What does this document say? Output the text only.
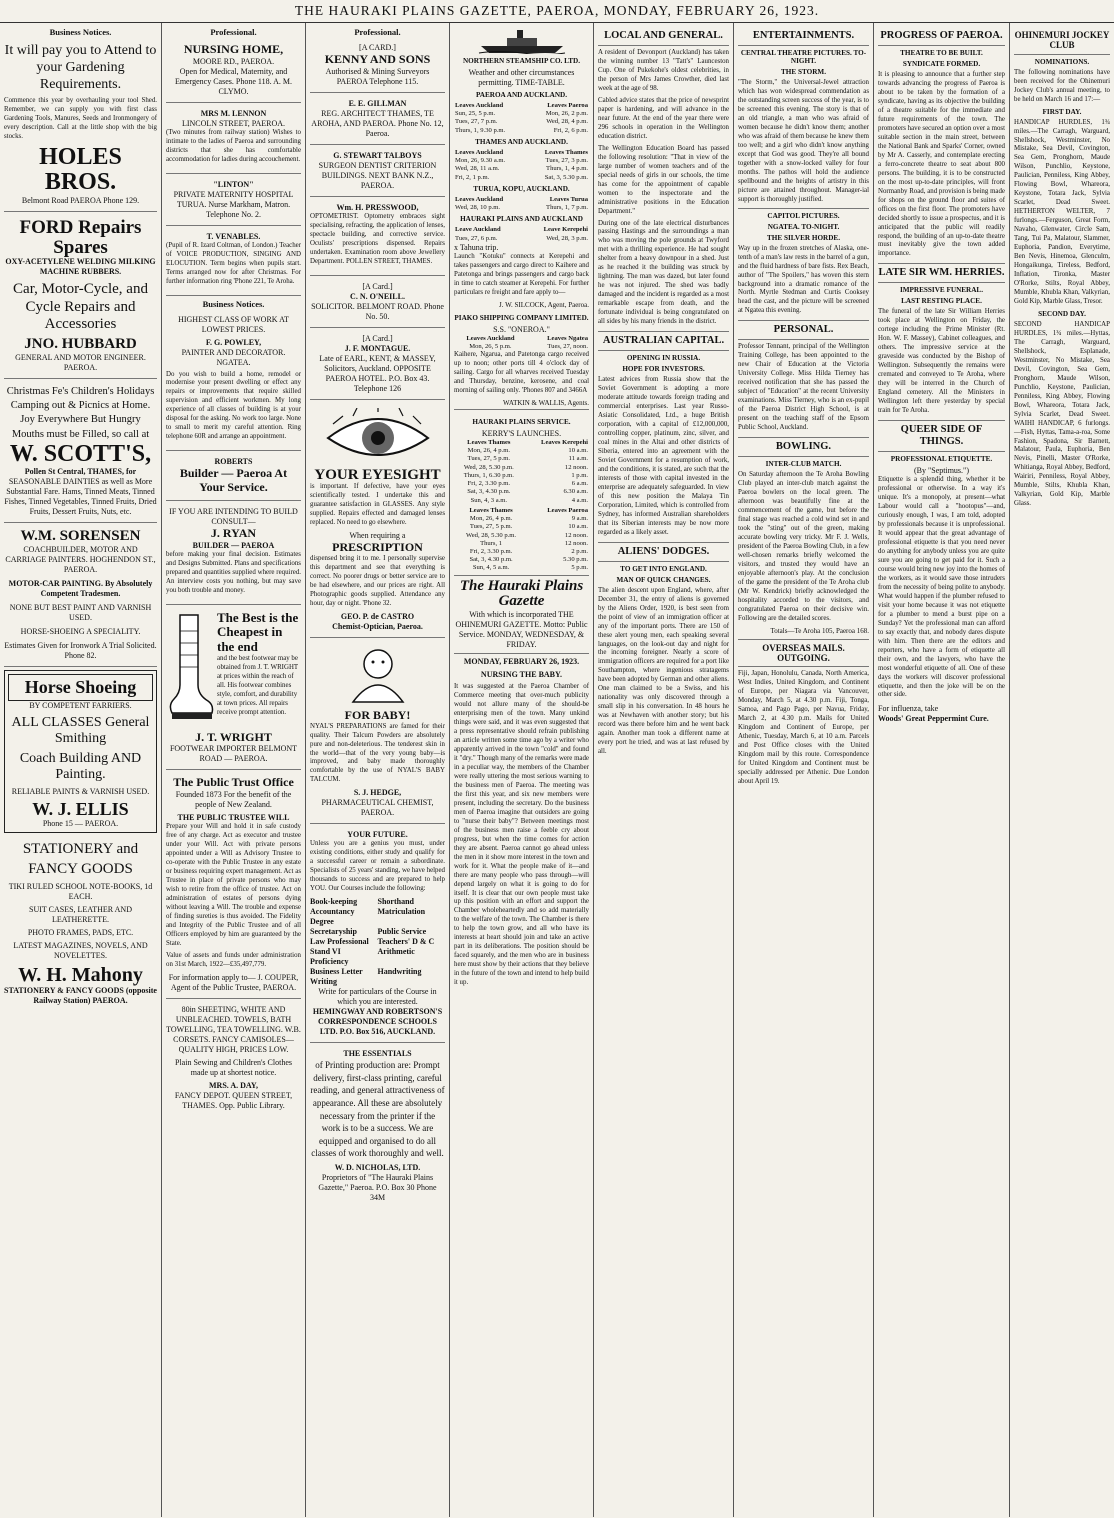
THE HAURAKI PLAINS GAZETTE, PAEROA, MONDAY, FEBRUARY 26, 1923.
Business Notices.
It will pay you to Attend to your Gardening Requirements.

Commence this year by overhauling your tool Shed. Remember, we can supply you with first class Gardening Tools, Manures, Seeds and Ironmongery of every description. Call at the little shop with the big stocks.

HOLES BROS.
Belmont Road PAEROA Phone 129.
FORD Repairs Spares
OXY-ACETYLENE WELDING MILKING MACHINE RUBBERS.
Car, Motor-Cycle, and Cycle Repairs and Accessories
JNO. HUBBARD
GENERAL AND MOTOR ENGINEER. PAEROA.
Christmas Fe's Children's Holidays Camping out & Picnics at Home. Joy Everywhere But Hungry Mouths must be Filled, so call at
W. SCOTT'S,
Pollen St Central, THAMES, for
SEASONABLE DAINTIES as well as More Substantial Fare. Hams, Tinned Meats, Tinned Fishes, Tinned Vegetables, Tinned Fruits, Dried Fruits, Dessert Fruits, Nuts, etc.
W.M. SORENSEN
COACHBUILDER, MOTOR AND CARRIAGE PAINTERS. HOGHENDON ST., PAEROA.
MOTOR-CAR PAINTING. By Absolutely Competent Tradesmen.
NONE BUT BEST PAINT AND VARNISH USED.
HORSE-SHOEING A SPECIALITY.
Estimates Given for Ironwork A Trial Solicited. Phone 82.
Horse Shoeing
BY COMPETENT FARRIERS.
ALL CLASSES General Smithing
Coach Building AND Painting.
RELIABLE PAINTS & VARNISH USED.
W. J. ELLIS
Phone 15 — PAEROA.
STATIONERY and FANCY GOODS
TIKI RULED SCHOOL NOTE-BOOKS, 1d EACH.
SUIT CASES, LEATHER AND LEATHERETTE.
PHOTO FRAMES, PADS, ETC.
LATEST MAGAZINES, NOVELS, AND NOVELETTES.
W. H. Mahony
STATIONERY & FANCY GOODS (opposite Railway Station) PAEROA.
Professional.
NURSING HOME,
MOORE RD., PAEROA.
Open for Medical, Maternity, and Emergency Cases. Phone 118. A. M. CLYMO.
MRS M. LENNON
LINCOLN STREET, PAEROA.

(Two minutes from railway station) Wishes to intimate to the ladies of Paeroa and surrounding districts that she has comfortable accommodation for ladies during accouchement.

"LINTON"
PRIVATE MATERNITY HOSPITAL TURUA. Nurse Markham, Matron. Telephone No. 2.
T. VENABLES.

(Pupil of R. Izard Coltman, of London.) Teacher of VOICE PRODUCTION, SINGING AND ELOCUTION. Term begins when pupils start. Terms arranged now for after Christmas. For further information ring 'Phone 221, Te Aroha.

Business Notices.
HIGHEST CLASS OF WORK AT LOWEST PRICES.
F. G. POWLEY,
PAINTER AND DECORATOR. NGATEA.

Do you wish to build a home, remodel or modernise your present dwelling or effect any repairs or improvements that require skilled supervision and efficient workmen. My long experience of all classes of building is at your disposal for the asking. No work too large. None to small to merit my careful attention. Ring telephone 60R and arrange an appointment.

ROBERTS
Builder — Paeroa At Your Service.
IF YOU ARE INTENDING TO BUILD CONSULT—
J. RYAN
BUILDER — PAEROA

before making your final decision. Estimates and Designs Submitted. Plans and specifications prepared and quantities supplied where required. An interview costs you nothing, but may save you both trouble and money.

The Best is the Cheapest in the end

and the best footwear may be obtained from J. T. WRIGHT at prices within the reach of all. His footwear combines style, comfort, and durability at town prices. All repairs receive prompt attention.

J. T. WRIGHT
FOOTWEAR IMPORTER BELMONT ROAD — PAEROA.
The Public Trust Office
Founded 1873 For the benefit of the people of New Zealand.
THE PUBLIC TRUSTEE WILL

Prepare your Will and hold it in safe custody free of any charge. Act as executor and trustee under your Will. Act with private persons appointed under a Will as Advisory Trustee to co-operate with the Public Trustee in any estate or business requiring expert management. Act as Trustee in place of private persons who may wish to retire from the office of trustee. Act on administration of estates of persons dying without leaving a Will. The trouble and expense of finding sureties is thus avoided. The Fidelity and Integrity of the Public Trustee and of all Officers employed by him are guaranteed by the State.

Value of assets and funds under administration on 31st March, 1922—£35,497,779.

For information apply to— J. COUPER, Agent of the Public Trustee, PAEROA.
80in SHEETING, WHITE AND UNBLEACHED. TOWELS, BATH TOWELLING, TEA TOWELLING. W.B. CORSETS. FANCY CAMISOLES—QUALITY HIGH, PRICES LOW.
Plain Sewing and Children's Clothes made up at shortest notice.
MRS. A. DAY,
FANCY DEPOT. QUEEN STREET, THAMES. Opp. Public Library.
Professional.
[A CARD.]
KENNY AND SONS
Authorised & Mining Surveyors PAEROA Telephone 115.
E. E. GILLMAN
REG. ARCHITECT THAMES, TE AROHA, AND PAEROA. Phone No. 12, Paeroa.
G. STEWART TALBOYS
SURGEON DENTIST CRITERION BUILDINGS. NEXT BANK N.Z., PAEROA.
Wm. H. PRESSWOOD,

OPTOMETRIST. Optometry embraces sight specialising, refracting, the application of lenses, spectacle building, and corrective service. Oculists' prescriptions dispensed. Repairs undertaken. Examination room above Jewellery Department. POLLEN STREET, THAMES.

[A Card.]
C. N. O'NEILL.
SOLICITOR. BELMONT ROAD. Phone No. 50.
[A Card.]
J. F. MONTAGUE.
Late of EARL, KENT, & MASSEY, Solicitors, Auckland. OPPOSITE PAEROA HOTEL. P.O. Box 43. Telephone 126
YOUR EYESIGHT

is important. If defective, have your eyes scientifically tested. I undertake this and guarantee satisfaction in GLASSES. Any style supplied. Repairs effected and damaged lenses replaced. No need to go elsewhere.

When requiring a
PRESCRIPTION

dispensed bring it to me. I personally supervise this department and see that everything is correct. No poorer drugs or better service are to be had elsewhere, and our prices are right. All Photographic goods supplied. Attendance any hour, day or night. 'Phone 32.

GEO. P. de CASTRO
Chemist-Optician, Paeroa.
FOR BABY!

NYAL'S PREPARATIONS are famed for their quality. Their Talcum Powders are absolutely pure and non-deleterious. The tenderest skin in the world—that of the very young baby—is improved, and baby made thoroughly comfortable by the use of NYAL'S BABY TALCUM.

S. J. HEDGE,
PHARMACEUTICAL CHEMIST, PAEROA.
YOUR FUTURE.

Unless you are a genius you must, under existing conditions, either study and qualify for a successful career or remain a subordinate. Specialists of 25 years' standing, we have helped thousands to success and are prepared to help YOU. Our Courses include the following:

Book-keeping	Shorthand
Accountancy Degree
Matriculation
Secretaryship	Public Service
Law Professional	Teachers' D & C
Stand VI Proficiency
Arithmetic
Business Letter Writing
Handwriting
Write for particulars of the Course in which you are interested.
HEMINGWAY AND ROBERTSON'S CORRESPONDENCE SCHOOLS LTD. P.O. Box 516, AUCKLAND.
THE ESSENTIALS
of Printing production are: Prompt delivery, first-class printing, careful reading, and general attractiveness of appearance. All these are absolutely necessary from the printer if the work is to be a success. We are equipped and organised to do all classes of work thoroughly and well.
W. D. NICHOLAS, LTD.
Proprietors of "The Hauraki Plains Gazette," Paeroa. P.O. Box 30 Phone 34M
NORTHERN STEAMSHIP CO. LTD.
Weather and other circumstances permitting. TIME-TABLE.
PAEROA AND AUCKLAND.
Leaves Auckland	Leaves Paeroa
Sun, 25, 5 p.m.	Mon, 26, 2 p.m.
Tues, 27, 7 p.m.	Wed, 28, 4 p.m.
Thurs, 1, 9.30 p.m.	Fri, 2, 6 p.m.
THAMES AND AUCKLAND.
Leaves Auckland	Leaves Thames
Mon, 26, 9.30 a.m.	Tues, 27, 3 p.m.
Wed, 28, 11 a.m.	Thurs, 1, 4 p.m.
Fri, 2, 1 p.m.	Sat, 3, 5.30 p.m.
TURUA, KOPU, AUCKLAND.
Leaves Auckland	Leaves Turua
Wed, 28, 10 p.m.	Thurs, 1, 7 p.m.
HAURAKI PLAINS AND AUCKLAND
Leave Auckland	Leave Kerepehi
Tues, 27, 6 p.m.	Wed, 28, 3 p.m.
x Tahuna trip.

Launch "Kotuku" connects at Kerepehi and takes passengers and cargo direct to Kaihere and Patetonga and brings passengers and cargo back in time to catch steamer at Kerepehi. For further particulars re freight and fare apply to—

J. W. SILCOCK, Agent, Paeroa.
PIAKO SHIPPING COMPANY LIMITED.
S.S. "ONEROA."
Leaves Auckland	Leaves Ngatea
Mon, 26, 5 p.m.	Tues, 27, noon.

Kaihere, Ngarua, and Patetonga cargo received up to noon; other ports till 4 o'clock day of sailing. Cargo for all wharves received Tuesday and Thursday, benzine, kerosene, and coal morning of sailing only. 'Phones 807 and 3466A

WATKIN & WALLIS, Agents.
HAURAKI PLAINS SERVICE.
KERRY'S LAUNCHES.
Leaves Thames	Leaves Kerepehi
Mon, 26, 4 p.m.	10 a.m.
Tues, 27, 5 p.m.	11 a.m.
Wed, 28, 5.30 p.m.	12 noon.
Thurs, 1, 6.30 p.m.	1 p.m.
Fri, 2, 3.30 p.m.	6 a.m.
Sat, 3, 4.30 p.m.	6.30 a.m.
Sun, 4, 3 a.m.	4 a.m.
Leaves Thames	Leaves Paeroa
Mon, 26, 4 p.m.	9 a.m.
Tues, 27, 5 p.m.	10 a.m.
Wed, 28, 5.30 p.m.	12 noon.
Thurs, 1	12 noon.
Fri, 2, 3.30 p.m.	2 p.m.
Sat, 3, 4.30 p.m.	5.30 p.m.
Sun, 4, 5 a.m.	5 p.m.
The Hauraki Plains Gazette
With which is incorporated THE OHINEMURI GAZETTE. Motto: Public Service. MONDAY, WEDNESDAY, & FRIDAY.
MONDAY, FEBRUARY 26, 1923.
NURSING THE BABY.

It was suggested at the Paeroa Chamber of Commerce meeting that over-much publicity would not allure many of the should-be enterprising men of the town. Many unkind things were said, and it was even suggested that a press representative should refrain publishing an article written some time ago by a writer who apparently arrived in the town "cold" and found it "dry." Though many of the remarks were made in a peculiar way, the members of the Chamber were really uttering the most serious warning to the business men of Paeroa. The meeting was the first this year, and six new members were present, including the secretary. Do the business men of Paeroa imagine that outsiders are going to "nurse their baby"? Between meetings most of the business men raise a feeble cry about progress, but when the time comes for action they are absent. Paeroa cannot go ahead unless the men in it show more interest in the town and work for it. What the people make of it—and there are many people who pass through—will depend largely on what it is going to do for itself. It is clear that our own people must take up this position with an effort and support the Chamber wholeheartedly and so add materially to the welfare of the town. The Chamber is there to help the town grow, and all who have its interests at heart should join and take an active part in its deliberations. The position should be faced squarely, and the men who are in business here must show by their actions that they believe in the future of the town and intend to help build it up.

LOCAL AND GENERAL.

A resident of Devonport (Auckland) has taken the winning number 13 "Tatt's" Launceston Cup. One of Pukekohe's oldest celebrities, in the person of Mrs James Crowther, died last week at the age of 98.

Cabled advice states that the price of newsprint paper is hardening, and will advance in the near future. At the end of the year there were 296 schools in operation in the Wellington education district.

The Wellington Education Board has passed the following resolution: "That in view of the large number of women teachers and of the special needs of girls in our schools, the time has come for the appointment of capable women to the inspectorate and the administrative positions in the Education Department."

During one of the late electrical disturbances passing Hastings and the surroundings a man who was moving the pole grounds at Twyford met with a thrilling experience. He had sought shelter from a heavy downpour in a shed. Just as he reached it the building was struck by lightning. The man was dazed, but later found he was not injured. The shed was badly damaged and the incident is regarded as a most remarkable escape from death, and the fortunate individual is being congratulated on all sides by his many friends in the district.

AUSTRALIAN CAPITAL.
OPENING IN RUSSIA.
HOPE FOR INVESTORS.

Latest advices from Russia show that the Soviet Government is adopting a more moderate attitude towards foreign trading and commercial enterprises. Last year Russo-Asiatic Consolidated, Ltd., a huge British corporation, with a capital of £12,000,000, controlling copper, platinum, zinc, silver, and coal mines in the Altai and other districts of Siberia, entered into an agreement with the Soviet Government for a resumption of work, and the conditions, it is stated, are such that the interests of those with capital invested in the enterprise are adequately safeguarded. In view of this new position the Malaya Tin Corporation, Limited, which is controlled from Sydney, has informed Australian shareholders that its Siberian interests may be now more regarded as a likely asset.

ALIENS' DODGES.
TO GET INTO ENGLAND.
MAN OF QUICK CHANGES.

The alien descent upon England, where, after December 31, the entry of aliens is governed by the Aliens Order, 1920, is best seen from the point of view of an immigration officer at any of the important ports. There are 150 of these alert young men, each speaking several languages, on the look-out day and night for the incoming foreigner. Nearly a score of immigration officers are required for a port like Southampton, where ingenious stratagems have been adopted by German and other aliens. One man claimed to be a Swiss, and his nationality was only discovered through a small slip in his conversation. In 48 hours he was at Newhaven with another story; but his record was there before him and he went back again. Another man took a different name at every port he tried, and was at last refused by all.

ENTERTAINMENTS.
CENTRAL THEATRE PICTURES. TO-NIGHT.
THE STORM.

"The Storm," the Universal-Jewel attraction which has won widespread commendation as the outstanding screen success of the year, is to be screened this evening. The story is that of an old triangle, a man who was afraid of women because he didn't know them; another who was afraid of them because he knew them too well; and a girl who didn't know anything except that God was good. They're all bound together with a snow-locked valley for four months. The pathos will hold the audience spellbound and the heights of artistry in this picture are attained throughout. Manager-ial support is thoroughly justified.

CAPITOL PICTURES.
NGATEA. TO-NIGHT.
THE SILVER HORDE.

Way up in the frozen stretches of Alaska, one-tenth of a man's law rests in the barrel of a gun, and the fluid hardness of bare fists. Rex Beach, author of "The Spoilers," has woven this stern background into a dramatic romance of the North. Myrtle Stedman and Curtis Cooksey head the cast, and the picture will be screened at Ngatea this evening.

PERSONAL.

Professor Tennant, principal of the Wellington Training College, has been appointed to the new Chair of Education at the Victoria University College. Miss Hilda Tierney has received notification that she has passed the subject of "Education" at the recent University examinations. Miss Tierney, who is an ex-pupil of the Paeroa District High School, is at present on the teaching staff of the Epsom Public School, Auckland.

BOWLING.
INTER-CLUB MATCH.

On Saturday afternoon the Te Aroha Bowling Club played an inter-club match against the Paeroa bowlers on the local green. The afternoon was beautifully fine at the commencement of the game, but before the final stage was reached a cold wind set in and took the "sting" out of the green, making accurate bowling very tricky. Mr F. J. Wells, president of the Paeroa Bowling Club, in a few well-chosen remarks briefly welcomed the visitors, and trusted they would have an enjoyable afternoon's play. At the conclusion of the game the president of the Te Aroha club (Mr W. Kendrick) briefly acknowledged the hospitality accorded to the visitors, and congratulated Paeroa on their decisive win. Following are the detailed scores.

Totals—Te Aroha 105, Paeroa 168.
OVERSEAS MAILS. OUTGOING.

Fiji, Japan, Honolulu, Canada, North America, West Indies, United Kingdom, and Continent of Europe, per Niagara via Vancouver, Monday, March 5, at 4.30 p.m. Fiji, Tonga, Samoa, and Pago Pago, per Navua, Friday, March 2, at 4.30 p.m. Mails for United Kingdom and Continent of Europe, per Athenic, Tuesday, March 6, at 10 a.m. Parcels and Post Office closes with the United Kingdom mail by this route. Correspondence for United Kingdom and Continent must be specially addressed per Athenic. Due London about April 19.

PROGRESS OF PAEROA.
THEATRE TO BE BUILT.
SYNDICATE FORMED.

It is pleasing to announce that a further step towards advancing the progress of Paeroa is about to be taken by the formation of a syndicate, having as its objective the building of a theatre suitable for the immediate and future requirements of the town. The promoters have secured an option over a most suitable section in the main street, between the National Bank and Sparks' Corner, owned by Mr A. Casserly, and contemplate erecting a ferro-concrete theatre to seat about 800 persons. The building, it is to be constructed on the most up-to-date principles, will front Normanby Road, and provision is being made for shops on the ground floor and suites of offices on the first floor. The promoters have decided shortly to issue a prospectus, and it is anticipated that the public will readily respond, the building of an up-to-date theatre must inevitably give the town added importance.

LATE SIR WM. HERRIES.
IMPRESSIVE FUNERAL.
LAST RESTING PLACE.

The funeral of the late Sir William Herries took place at Wellington on Friday, the cortege including the Prime Minister (Rt. Hon. W. F. Massey), Cabinet colleagues, and others. The impressive service at the graveside was conducted by the Bishop of Wellington. Subsequently the remains were cremated and conveyed to Te Aroha, where they will be interred in the Church of England cemetery. All the Ministers in Wellington left there yesterday by special train for Te Aroha.

QUEER SIDE OF THINGS.
PROFESSIONAL ETIQUETTE.
(By "Septimus.")

Etiquette is a splendid thing, whether it be professional or otherwise. In a way it's unique. It's a monopoly, at present—what Labour would call a "hootopus"—and, curiously enough, I was, I am told, adopted by professionals because it is unprofessional. It would appear that the great advantage of professional etiquette is that you need never do anything for anybody unless you are quite sure you are going to get paid for it. Such a course would bring new joy into the homes of the workers, as it would save those intruders from the necessity of being polite to anybody. What would happen if the plumber refused to visit your home because it was not etiquette for a plumber to mend a burst pipe on a Sunday? Yet the professional man can afford to say exactly that, and nobody dares dispute with him. Then there are the editors and reporters, who have a form of etiquette all their own, and the lawyers, who have the most wonderful etiquette of all. One of these days the workers will discover professional etiquette, and then the joke will be on the other side.

For influenza, take
Woods' Great Peppermint Cure.
OHINEMURI JOCKEY CLUB
NOMINATIONS.

The following nominations have been received for the Ohinemuri Jockey Club's annual meeting, to be held on March 16 and 17:—

FIRST DAY.

HANDICAP HURDLES, 1¾ miles.—The Carragh, Warguard, Shellshock, Westminster, No Mistake, Sea Devil, Covington, Sea Gem, Pronghorn, Maude Wilson, Punchlio, Keystone, Paulician, Penniless, King Abbey, Flowing Bowl, Whareora, Keystone, Totara Jack, Sylvia Scarlet, Dead Sweet. HETHERTON WELTER, 7 furlongs.—Ferguson, Great Form, Navaho, Glenwater, Circle Sam, Tang, Tui Pa, Malatour, Slammer, Euphoria, Pandion, Everytime, Ben Nevis, Hinemoa, Glenculm, Hongaikunga, Tireless, Bedford, Inflation, Tironka, Master O'Rorke, Stilts, Royal Abbey, Mumble, Khubla Khan, Valkyrian, Gold Kip, Marble Glass, Tresor.

SECOND DAY.

SECOND HANDICAP HURDLES, 1¾ miles.—Hyttas, The Carragh, Warguard, Shellshock, Esplanade, Westminster, No Mistake, Sea Devil, Covington, Sea Gem, Pronghorn, Maude Wilson, Punchlio, Keystone, Paulician, Penniless, King Abbey, Flowing Bowl, Whareora, Totara Jack, Sylvia Scarlet, Dead Sweet. WAIHI HANDICAP, 6 furlongs.—Fish, Hyttas, Tama-a-roa, Some Fashion, Spadona, Sir Barnett, Malatour, Paula, Euphoria, Ben Nevis, Pinelli, Master O'Rorke, Whitianga, Royal Abbey, Bedford, Wairiri, Penniless, Royal Abbey, Mumble, Stilts, Khubla Khan, Valkyrian, Gold Kip, Marble Glass.
